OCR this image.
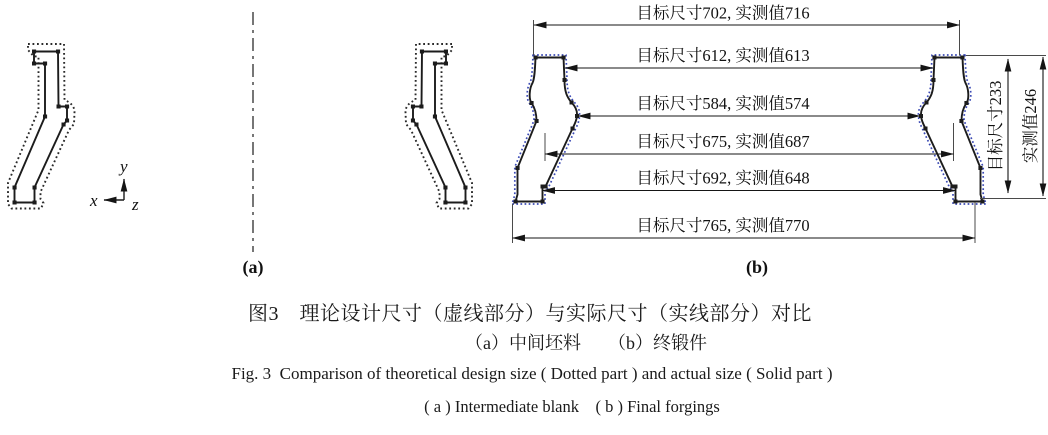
y
x z
(a)
目标尺寸702, 实测值716
目标尺寸612, 实测值613
目标尺寸584, 实测值574
目标尺寸675, 实测值687
目标尺寸692, 实测值648
目标尺寸765, 实测值770
目标尺寸233 实测值246
(b)
图3　理论设计尺寸（虚线部分）与实际尺寸（实线部分）对比
（a）中间坯料　　（b）终锻件
Fig. 3  Comparison of theoretical design size ( Dotted part ) and actual size ( Solid part )
( a ) Intermediate blank    ( b ) Final forgings
